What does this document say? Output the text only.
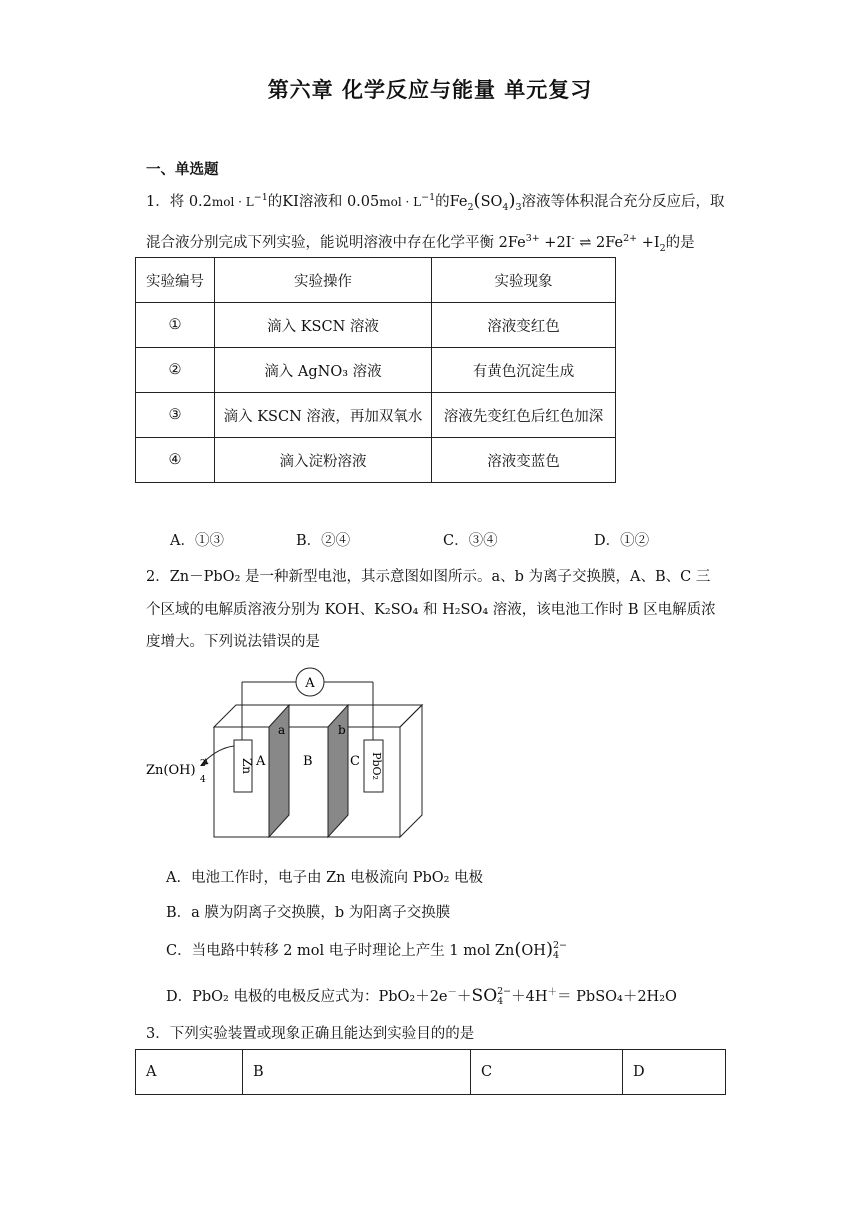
第六章 化学反应与能量 单元复习
一、单选题
1．将 $0.2mol \cdot L^{-1}$的KI溶液和 $0.05mol \cdot L^{-1}$的$Fe_2(SO_4)_3$溶液等体积混合充分反应后，取
混合液分别完成下列实验，能说明溶液中存在化学平衡 $2Fe^{3+} +2I^-$ ⇌ $2Fe^{2+} +I_2$的是
实验编号	实验操作	实验现象
①	滴入 KSCN 溶液	溶液变红色
②	滴入 AgNO₃ 溶液	有黄色沉淀生成
③	滴入 KSCN 溶液，再加双氧水	溶液先变红色后红色加深
④	滴入淀粉溶液	溶液变蓝色
A．①③	B．②④	C．③④	D．①②
2．Zn－PbO₂ 是一种新型电池，其示意图如图所示。a、b 为离子交换膜，A、B、C 三
个区域的电解质溶液分别为 KOH、K₂SO₄ 和 H₂SO₄ 溶液，该电池工作时 B 区电解质浓
度增大。下列说法错误的是
A
a	b
Zn	PbO₂
A	B	C
Zn(OH) 2-
4
A．电池工作时，电子由 Zn 电极流向 PbO₂ 电极
B．a 膜为阴离子交换膜，b 为阳离子交换膜
C．当电路中转移 2 mol 电子时理论上产生 1 mol Zn(OH) 2−
4
D．PbO₂ 电极的电极反应式为：PbO₂＋2e－＋SO 2−
4 ＋4H＋＝ PbSO₄＋2H₂O
3．下列实验装置或现象正确且能达到实验目的的是
A	B	C	D
